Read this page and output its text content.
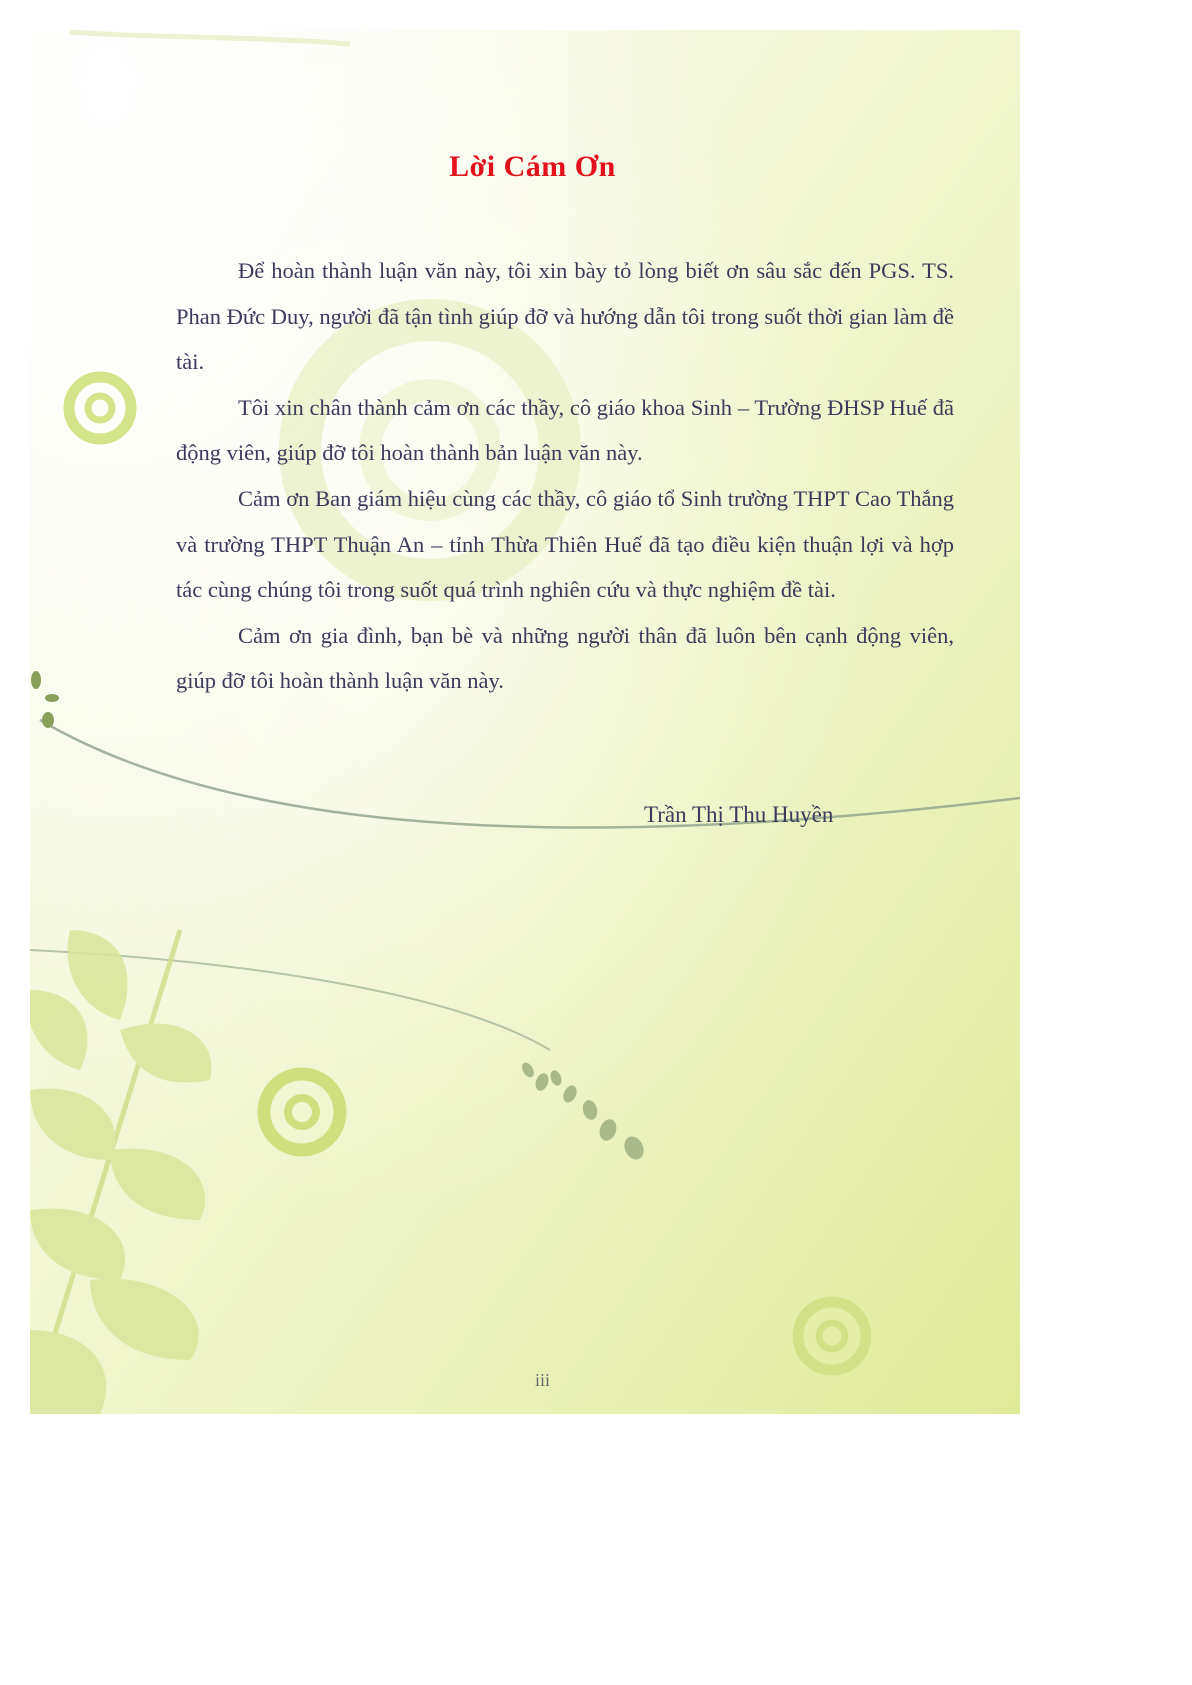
Lời Cám Ơn

Để hoàn thành luận văn này, tôi xin bày tỏ lòng biết ơn sâu sắc đến PGS. TS. Phan Đức Duy, người đã tận tình giúp đỡ và hướng dẫn tôi trong suốt thời gian làm đề tài.

Tôi xin chân thành cảm ơn các thầy, cô giáo khoa Sinh – Trường ĐHSP Huế đã động viên, giúp đỡ tôi hoàn thành bản luận văn này.

Cảm ơn Ban giám hiệu cùng các thầy, cô giáo tổ Sinh trường THPT Cao Thắng và trường THPT Thuận An – tỉnh Thừa Thiên Huế đã tạo điều kiện thuận lợi và hợp tác cùng chúng tôi trong suốt quá trình nghiên cứu và thực nghiệm đề tài.

Cảm ơn gia đình, bạn bè và những người thân đã luôn bên cạnh động viên, giúp đỡ tôi hoàn thành luận văn này.

Trần Thị Thu Huyền
iii
